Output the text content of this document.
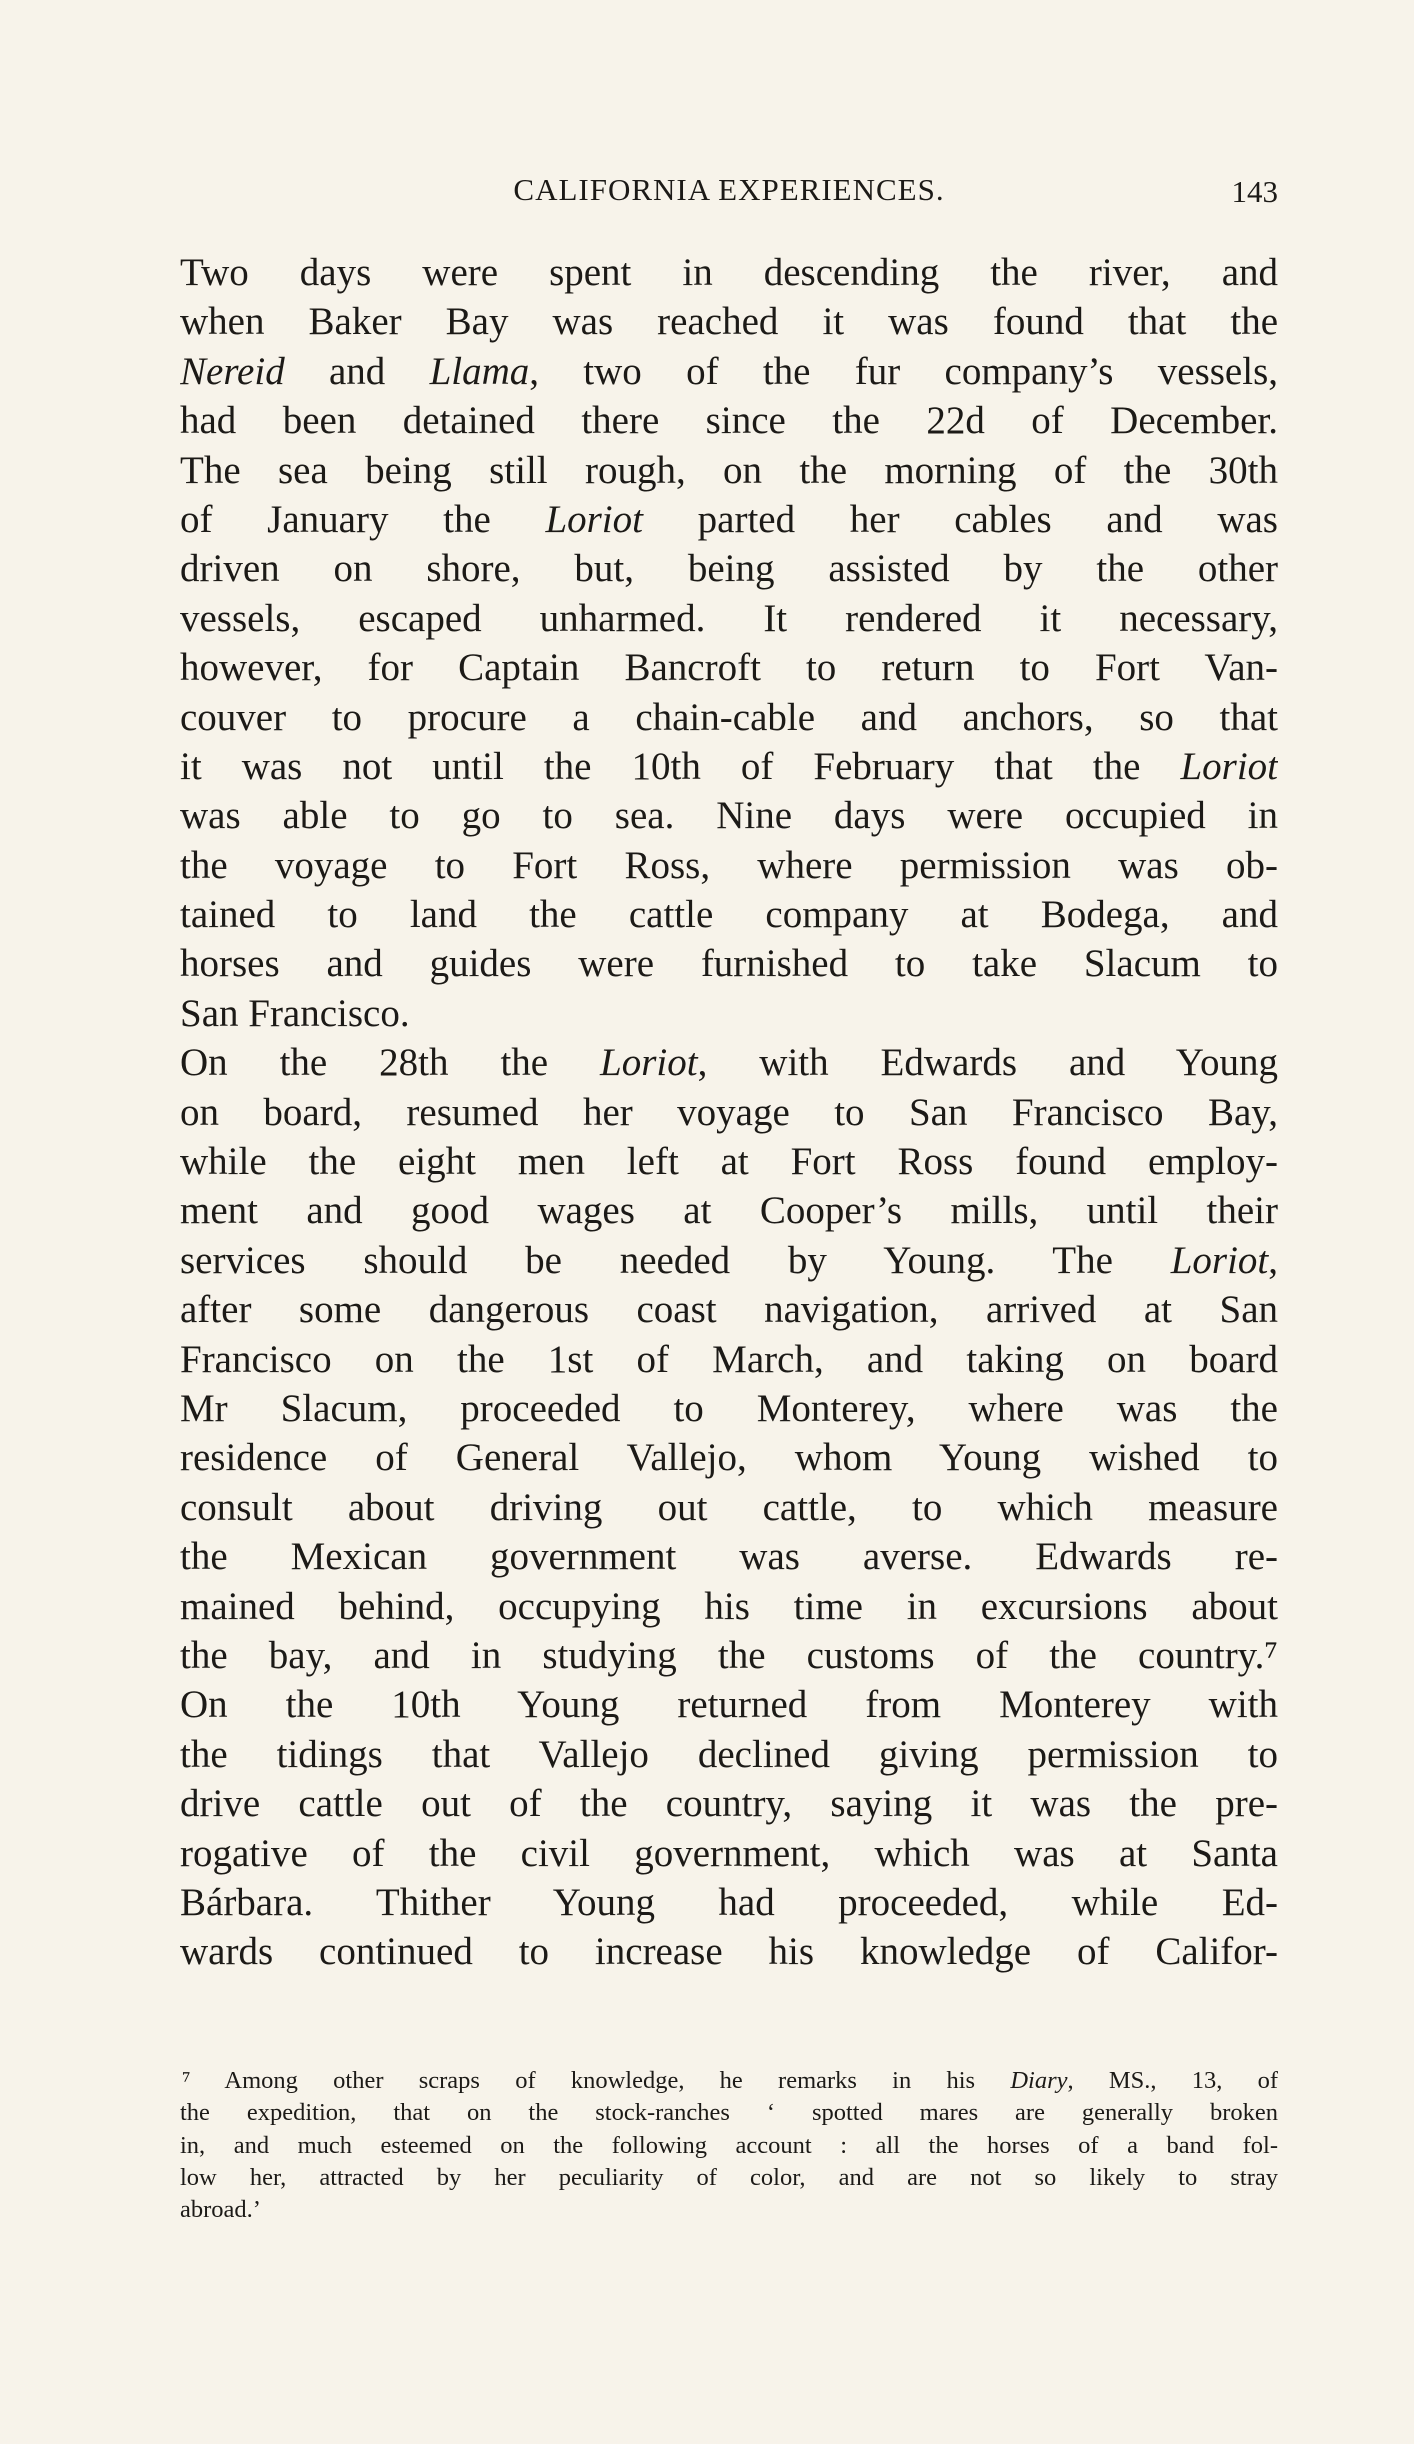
CALIFORNIA EXPERIENCES.	143
Two days were spent in descending the river, and
when Baker Bay was reached it was found that the
Nereid and Llama, two of the fur company’s vessels,
had been detained there since the 22d of December.
The sea being still rough, on the morning of the 30th
of January the Loriot parted her cables and was
driven on shore, but, being assisted by the other
vessels, escaped unharmed. It rendered it necessary,
however, for Captain Bancroft to return to Fort Van-
couver to procure a chain-cable and anchors, so that
it was not until the 10th of February that the Loriot
was able to go to sea. Nine days were occupied in
the voyage to Fort Ross, where permission was ob-
tained to land the cattle company at Bodega, and
horses and guides were furnished to take Slacum to
San Francisco.
On the 28th the Loriot, with Edwards and Young
on board, resumed her voyage to San Francisco Bay,
while the eight men left at Fort Ross found employ-
ment and good wages at Cooper’s mills, until their
services should be needed by Young. The Loriot,
after some dangerous coast navigation, arrived at San
Francisco on the 1st of March, and taking on board
Mr Slacum, proceeded to Monterey, where was the
residence of General Vallejo, whom Young wished to
consult about driving out cattle, to which measure
the Mexican government was averse. Edwards re-
mained behind, occupying his time in excursions about
the bay, and in studying the customs of the country.⁷
On the 10th Young returned from Monterey with
the tidings that Vallejo declined giving permission to
drive cattle out of the country, saying it was the pre-
rogative of the civil government, which was at Santa
Bárbara. Thither Young had proceeded, while Ed-
wards continued to increase his knowledge of Califor-
⁷ Among other scraps of knowledge, he remarks in his Diary, MS., 13, of
the expedition, that on the stock-ranches ‘ spotted mares are generally broken
in, and much esteemed on the following account : all the horses of a band fol-
low her, attracted by her peculiarity of color, and are not so likely to stray
abroad.’
